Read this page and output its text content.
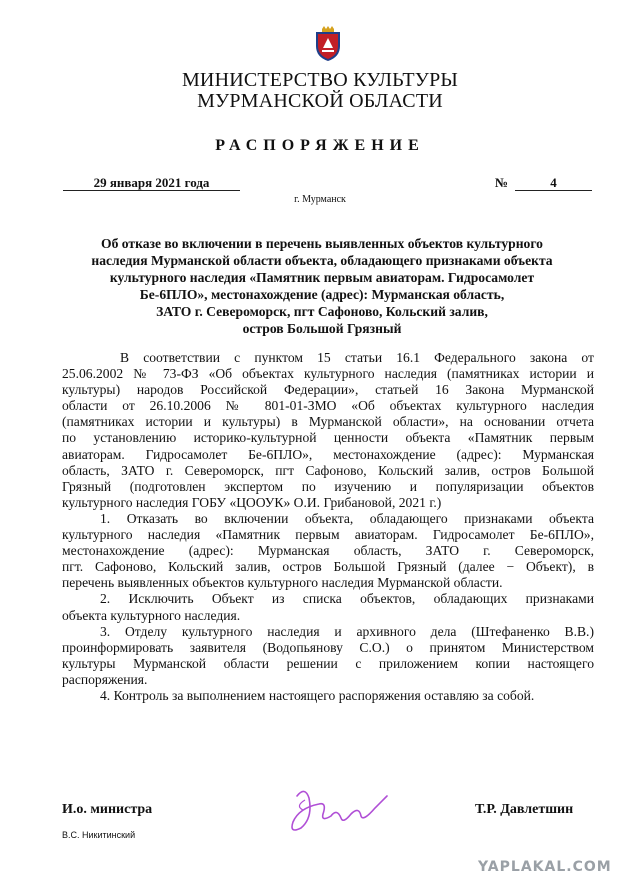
МИНИСТЕРСТВО КУЛЬТУРЫ
МУРМАНСКОЙ ОБЛАСТИ
РАСПОРЯЖЕНИЕ
29 января 2021 года	№	4
г. Мурманск
Об отказе во включении в перечень выявленных объектов культурного
наследия Мурманской области объекта, обладающего признаками объекта
культурного наследия «Памятник первым авиаторам. Гидросамолет
Бе-6ПЛО», местонахождение (адрес): Мурманская область,
ЗАТО г. Североморск, пгт Сафоново, Кольский залив,
остров Большой Грязный

В соответствии с пунктом 15 статьи 16.1 Федерального закона от

25.06.2002 № 73-ФЗ «Об объектах культурного наследия (памятниках истории и

культуры) народов Российской Федерации», статьей 16 Закона Мурманской

области от 26.10.2006 № 801-01-ЗМО «Об объектах культурного наследия

(памятниках истории и культуры) в Мурманской области», на основании отчета

по установлению историко-культурной ценности объекта «Памятник первым

авиаторам. Гидросамолет Бе-6ПЛО», местонахождение (адрес): Мурманская

область, ЗАТО г. Североморск, пгт Сафоново, Кольский залив, остров Большой

Грязный (подготовлен экспертом по изучению и популяризации объектов

культурного наследия ГОБУ «ЦООУК» О.И. Грибановой, 2021 г.)

1. Отказать во включении объекта, обладающего признаками объекта

культурного наследия «Памятник первым авиаторам. Гидросамолет Бе-6ПЛО»,

местонахождение (адрес): Мурманская область, ЗАТО г. Североморск,

пгт. Сафоново, Кольский залив, остров Большой Грязный (далее − Объект), в

перечень выявленных объектов культурного наследия Мурманской области.

2. Исключить Объект из списка объектов, обладающих признаками

объекта культурного наследия.

3. Отделу культурного наследия и архивного дела (Штефаненко В.В.)

проинформировать заявителя (Водопьянову С.О.) о принятом Министерством

культуры Мурманской области решении с приложением копии настоящего

распоряжения.

4. Контроль за выполнением настоящего распоряжения оставляю за собой.

И.о. министра	Т.Р. Давлетшин
В.С. Никитинский
YAPLAKAL.COM
